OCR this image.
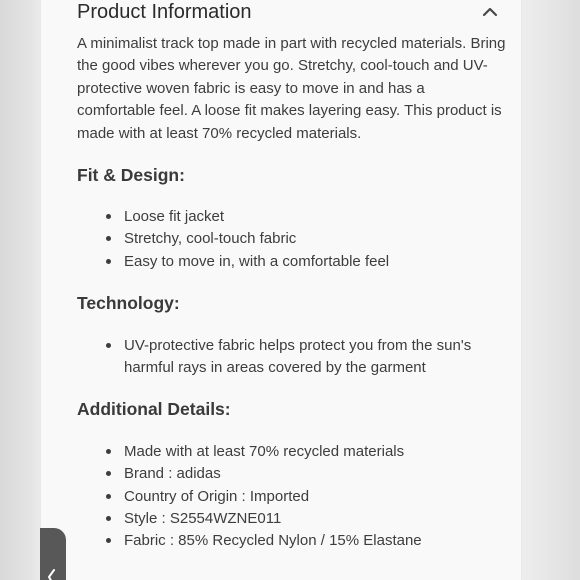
Product Information

A minimalist track top made in part with recycled materials. Bring the good vibes wherever you go. Stretchy, cool-touch and UV-protective woven fabric is easy to move in and has a comfortable feel. A loose fit makes layering easy. This product is made with at least 70% recycled materials.

Fit & Design:
Loose fit jacket
Stretchy, cool-touch fabric
Easy to move in, with a comfortable feel
Technology:
UV-protective fabric helps protect you from the sun's harmful rays in areas covered by the garment
Additional Details:
Made with at least 70% recycled materials
Brand : adidas
Country of Origin : Imported
Style : S2554WZNE011
Fabric : 85% Recycled Nylon / 15% Elastane
